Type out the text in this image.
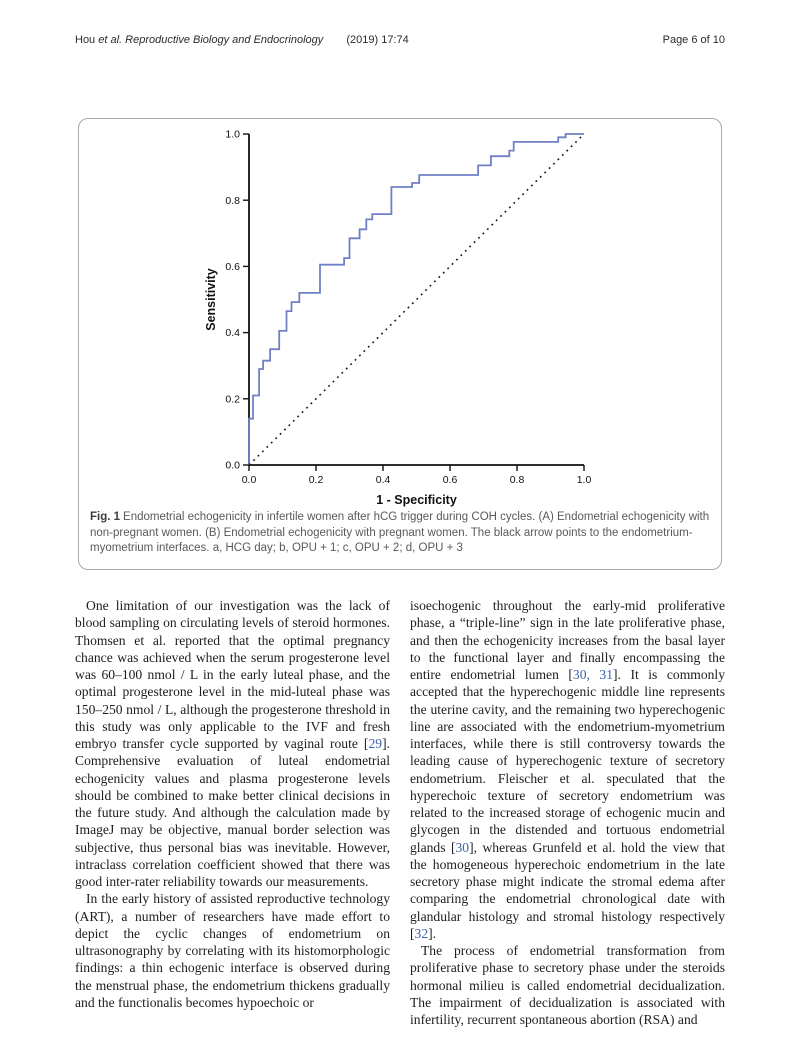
Hou et al. Reproductive Biology and Endocrinology (2019) 17:74	Page 6 of 10
0.0
0.2
0.4
0.6
0.8
1.0
0.0	0.2	0.4	0.6	0.8	1.0
Sensitivity
1 - Specificity
Fig. 1 Endometrial echogenicity in infertile women after hCG trigger during COH cycles. (A) Endometrial echogenicity with non-pregnant women. (B) Endometrial echogenicity with pregnant women. The black arrow points to the endometrium-myometrium interfaces. a, HCG day; b, OPU + 1; c, OPU + 2; d, OPU + 3

One limitation of our investigation was the lack of blood sampling on circulating levels of steroid hormones. Thomsen et al. reported that the optimal pregnancy chance was achieved when the serum progesterone level was 60–100 nmol / L in the early luteal phase, and the optimal progesterone level in the mid-luteal phase was 150–250 nmol / L, although the progesterone threshold in this study was only applicable to the IVF and fresh embryo transfer cycle supported by vaginal route [29]. Comprehensive evaluation of luteal endometrial echogenicity values and plasma progesterone levels should be combined to make better clinical decisions in the future study. And although the calculation made by ImageJ may be objective, manual border selection was subjective, thus personal bias was inevitable. However, intraclass correlation coefficient showed that there was good inter-rater reliability towards our measurements.

In the early history of assisted reproductive technology (ART), a number of researchers have made effort to depict the cyclic changes of endometrium on ultrasonography by correlating with its histomorphologic findings: a thin echogenic interface is observed during the menstrual phase, the endometrium thickens gradually and the functionalis becomes hypoechoic or

isoechogenic throughout the early-mid proliferative phase, a “triple-line” sign in the late proliferative phase, and then the echogenicity increases from the basal layer to the functional layer and finally encompassing the entire endometrial lumen [30, 31]. It is commonly accepted that the hyperechogenic middle line represents the uterine cavity, and the remaining two hyperechogenic line are associated with the endometrium-myometrium interfaces, while there is still controversy towards the leading cause of hyperechogenic texture of secretory endometrium. Fleischer et al. speculated that the hyperechoic texture of secretory endometrium was related to the increased storage of echogenic mucin and glycogen in the distended and tortuous endometrial glands [30], whereas Grunfeld et al. hold the view that the homogeneous hyperechoic endometrium in the late secretory phase might indicate the stromal edema after comparing the endometrial chronological date with glandular histology and stromal histology respectively [32].

The process of endometrial transformation from proliferative phase to secretory phase under the steroids hormonal milieu is called endometrial decidualization. The impairment of decidualization is associated with infertility, recurrent spontaneous abortion (RSA) and
